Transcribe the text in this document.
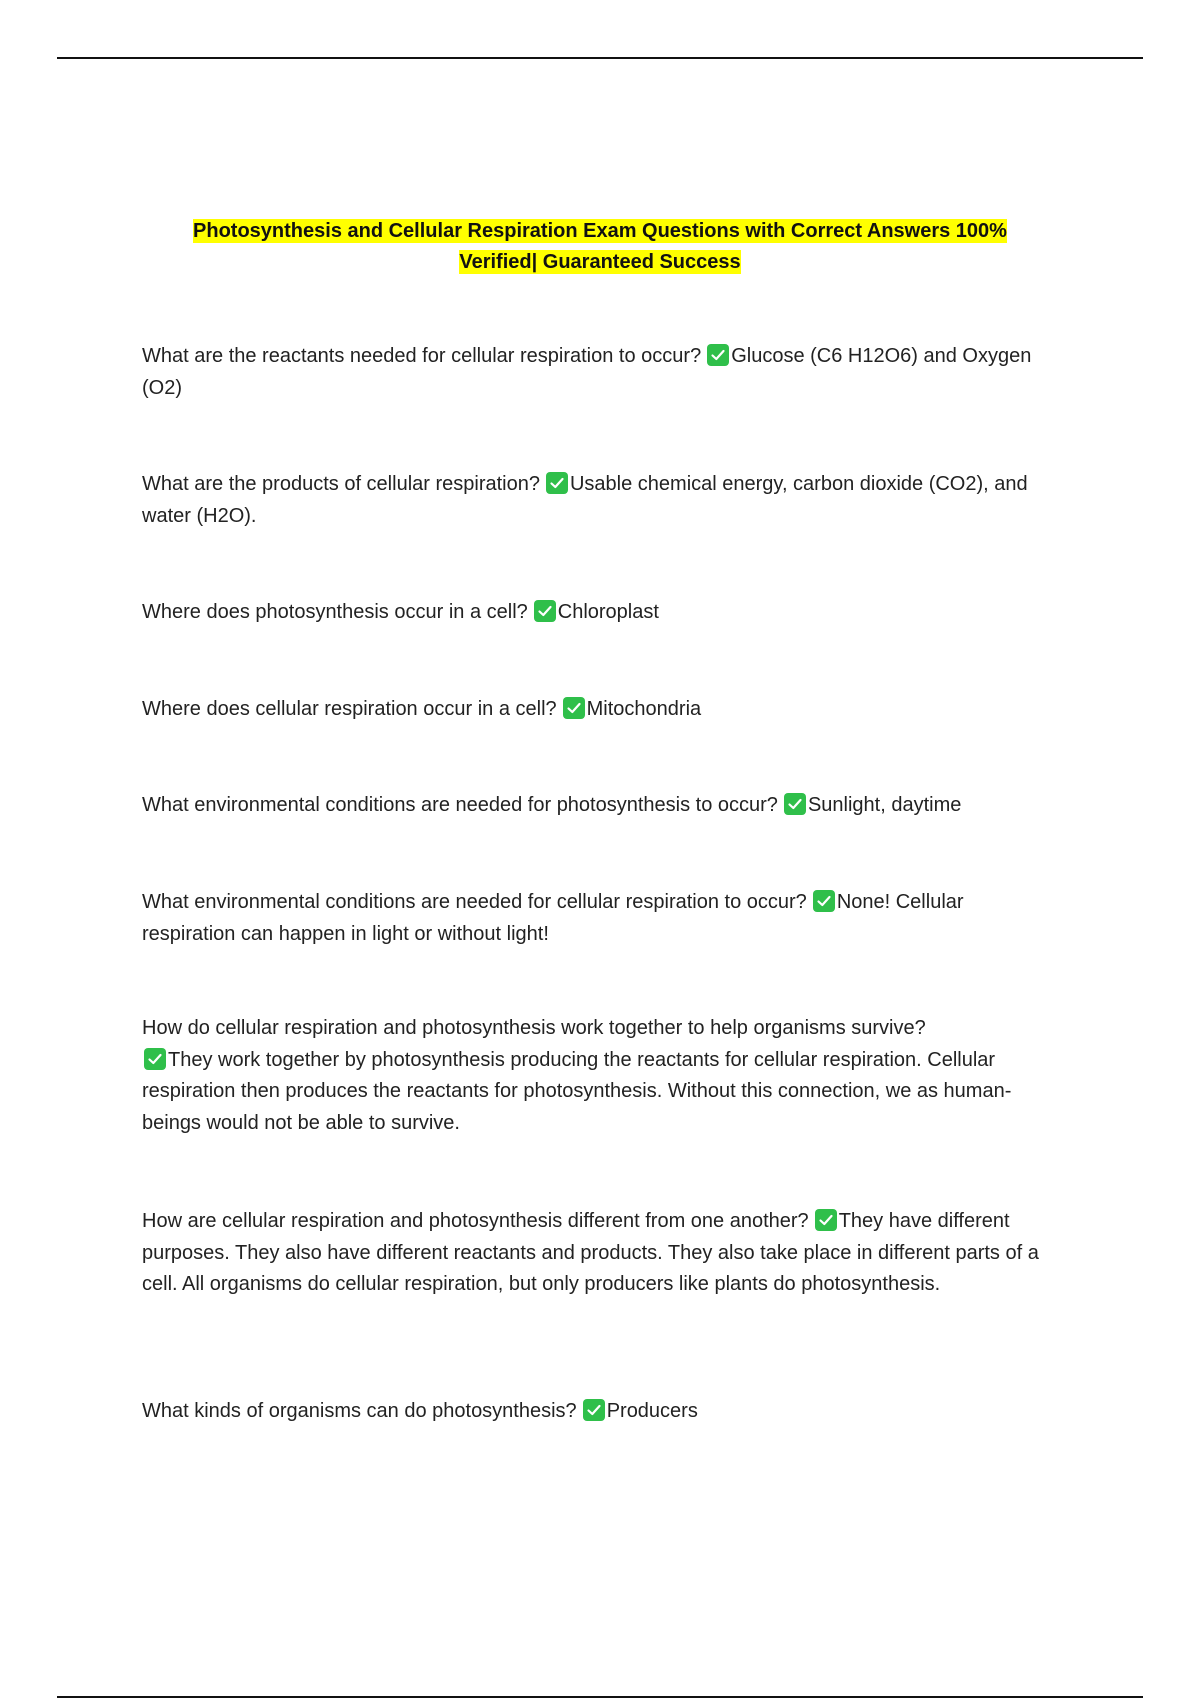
Photosynthesis and Cellular Respiration Exam Questions with Correct Answers 100%
Verified| Guaranteed Success
What are the reactants needed for cellular respiration to occur? Glucose (C6 H12O6) and Oxygen (O2)
What are the products of cellular respiration? Usable chemical energy, carbon dioxide (CO2), and water (H2O).
Where does photosynthesis occur in a cell? Chloroplast
Where does cellular respiration occur in a cell? Mitochondria
What environmental conditions are needed for photosynthesis to occur? Sunlight, daytime
What environmental conditions are needed for cellular respiration to occur? None! Cellular respiration can happen in light or without light!
How do cellular respiration and photosynthesis work together to help organisms survive?

They work together by photosynthesis producing the reactants for cellular respiration. Cellular respiration then produces the reactants for photosynthesis. Without this connection, we as human-beings would not be able to survive.
How are cellular respiration and photosynthesis different from one another? They have different purposes. They also have different reactants and products. They also take place in different parts of a cell. All organisms do cellular respiration, but only producers like plants do photosynthesis.
What kinds of organisms can do photosynthesis? Producers
